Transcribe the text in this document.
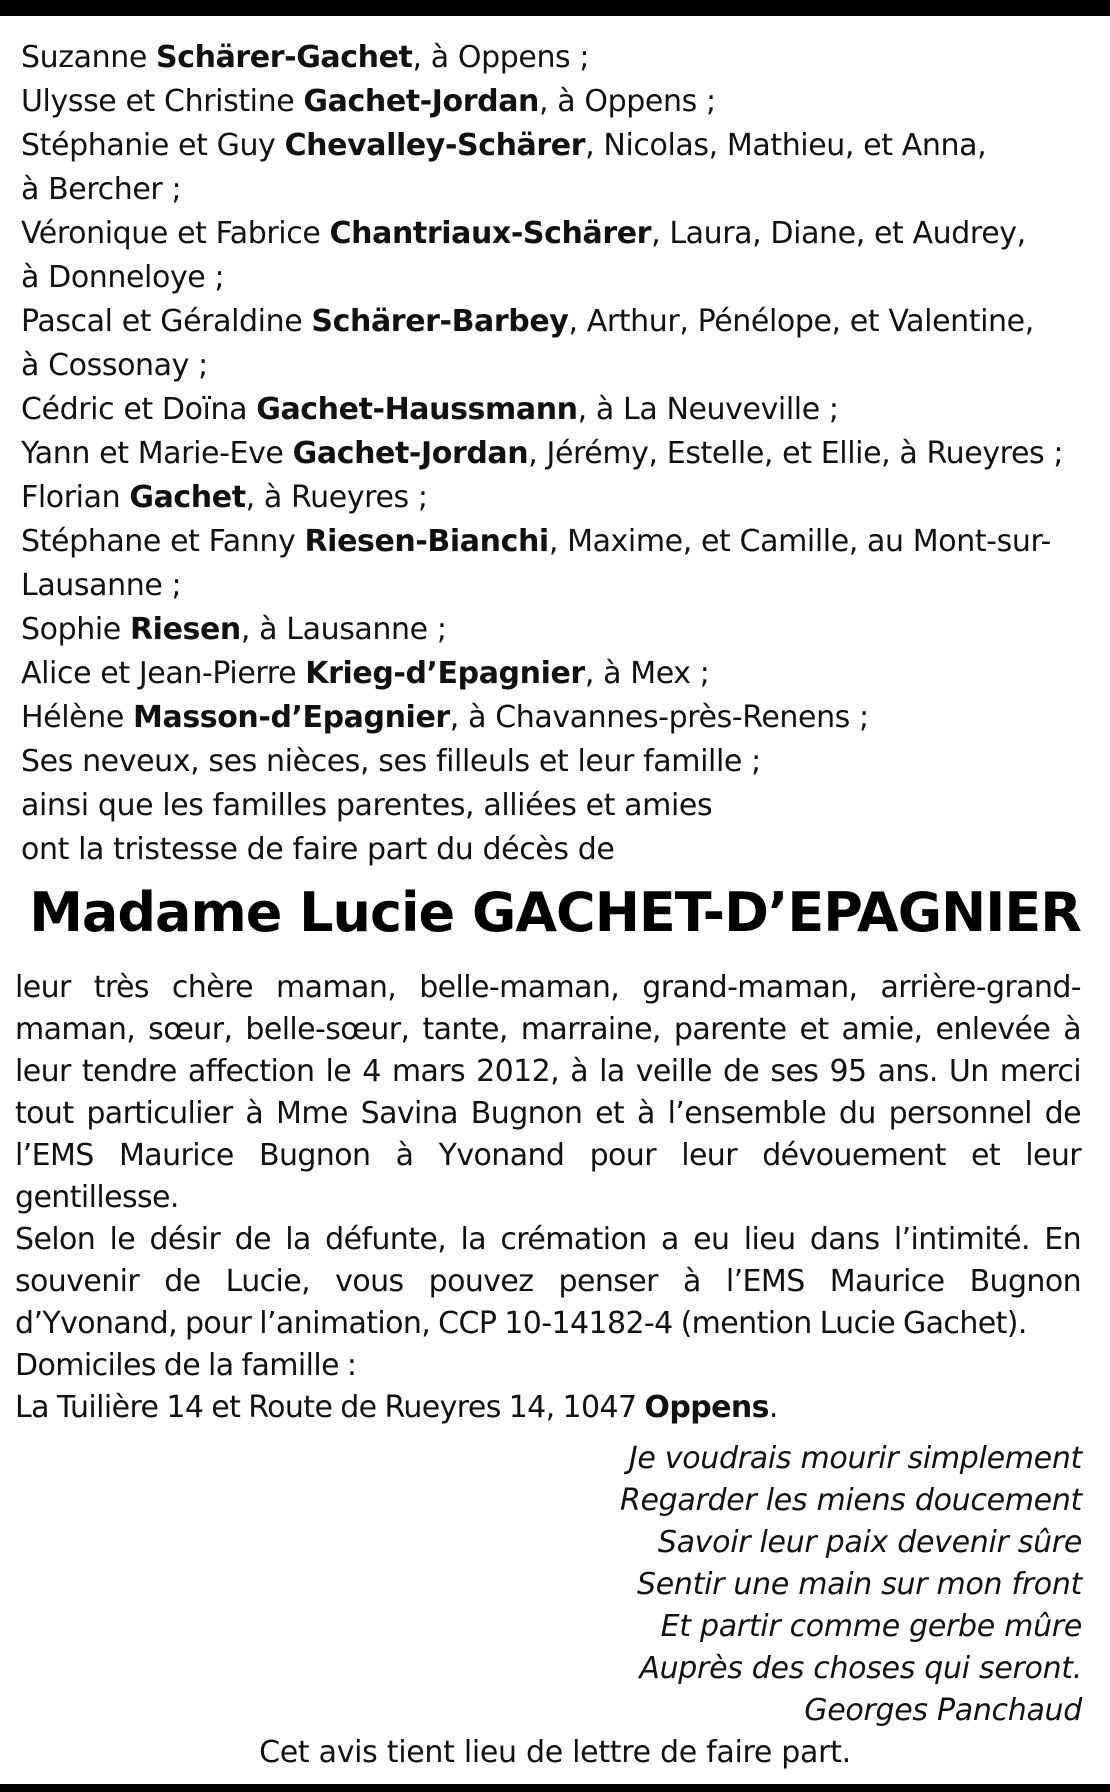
Suzanne Schärer-Gachet, à Oppens ;
Ulysse et Christine Gachet-Jordan, à Oppens ;
Stéphanie et Guy Chevalley-Schärer, Nicolas, Mathieu, et Anna,
à Bercher ;
Véronique et Fabrice Chantriaux-Schärer, Laura, Diane, et Audrey,
à Donneloye ;
Pascal et Géraldine Schärer-Barbey, Arthur, Pénélope, et Valentine,
à Cossonay ;
Cédric et Doïna Gachet-Haussmann, à La Neuveville ;
Yann et Marie-Eve Gachet-Jordan, Jérémy, Estelle, et Ellie, à Rueyres ;
Florian Gachet, à Rueyres ;
Stéphane et Fanny Riesen-Bianchi, Maxime, et Camille, au Mont-sur-
Lausanne ;
Sophie Riesen, à Lausanne ;
Alice et Jean-Pierre Krieg-d’Epagnier, à Mex ;
Hélène Masson-d’Epagnier, à Chavannes-près-Renens ;
Ses neveux, ses nièces, ses filleuls et leur famille ;
ainsi que les familles parentes, alliées et amies
ont la tristesse de faire part du décès de
Madame Lucie GACHET-D’EPAGNIER

leur très chère maman, belle-maman, grand-maman, arrière-grand-maman, sœur, belle-sœur, tante, marraine, parente et amie, enlevée à leur tendre affection le 4 mars 2012, à la veille de ses 95 ans. Un merci tout particulier à Mme Savina Bugnon et à l’ensemble du personnel de l’EMS Maurice Bugnon à Yvonand pour leur dévouement et leur gentillesse.

Selon le désir de la défunte, la crémation a eu lieu dans l’intimité. En souvenir de Lucie, vous pouvez penser à l’EMS Maurice Bugnon d’Yvonand, pour l’animation, CCP 10-14182-4 (mention Lucie Gachet).

Domiciles de la famille :

La Tuilière 14 et Route de Rueyres 14, 1047 Oppens.

Je voudrais mourir simplement
Regarder les miens doucement
Savoir leur paix devenir sûre
Sentir une main sur mon front
Et partir comme gerbe mûre
Auprès des choses qui seront.
Georges Panchaud

Cet avis tient lieu de lettre de faire part.
